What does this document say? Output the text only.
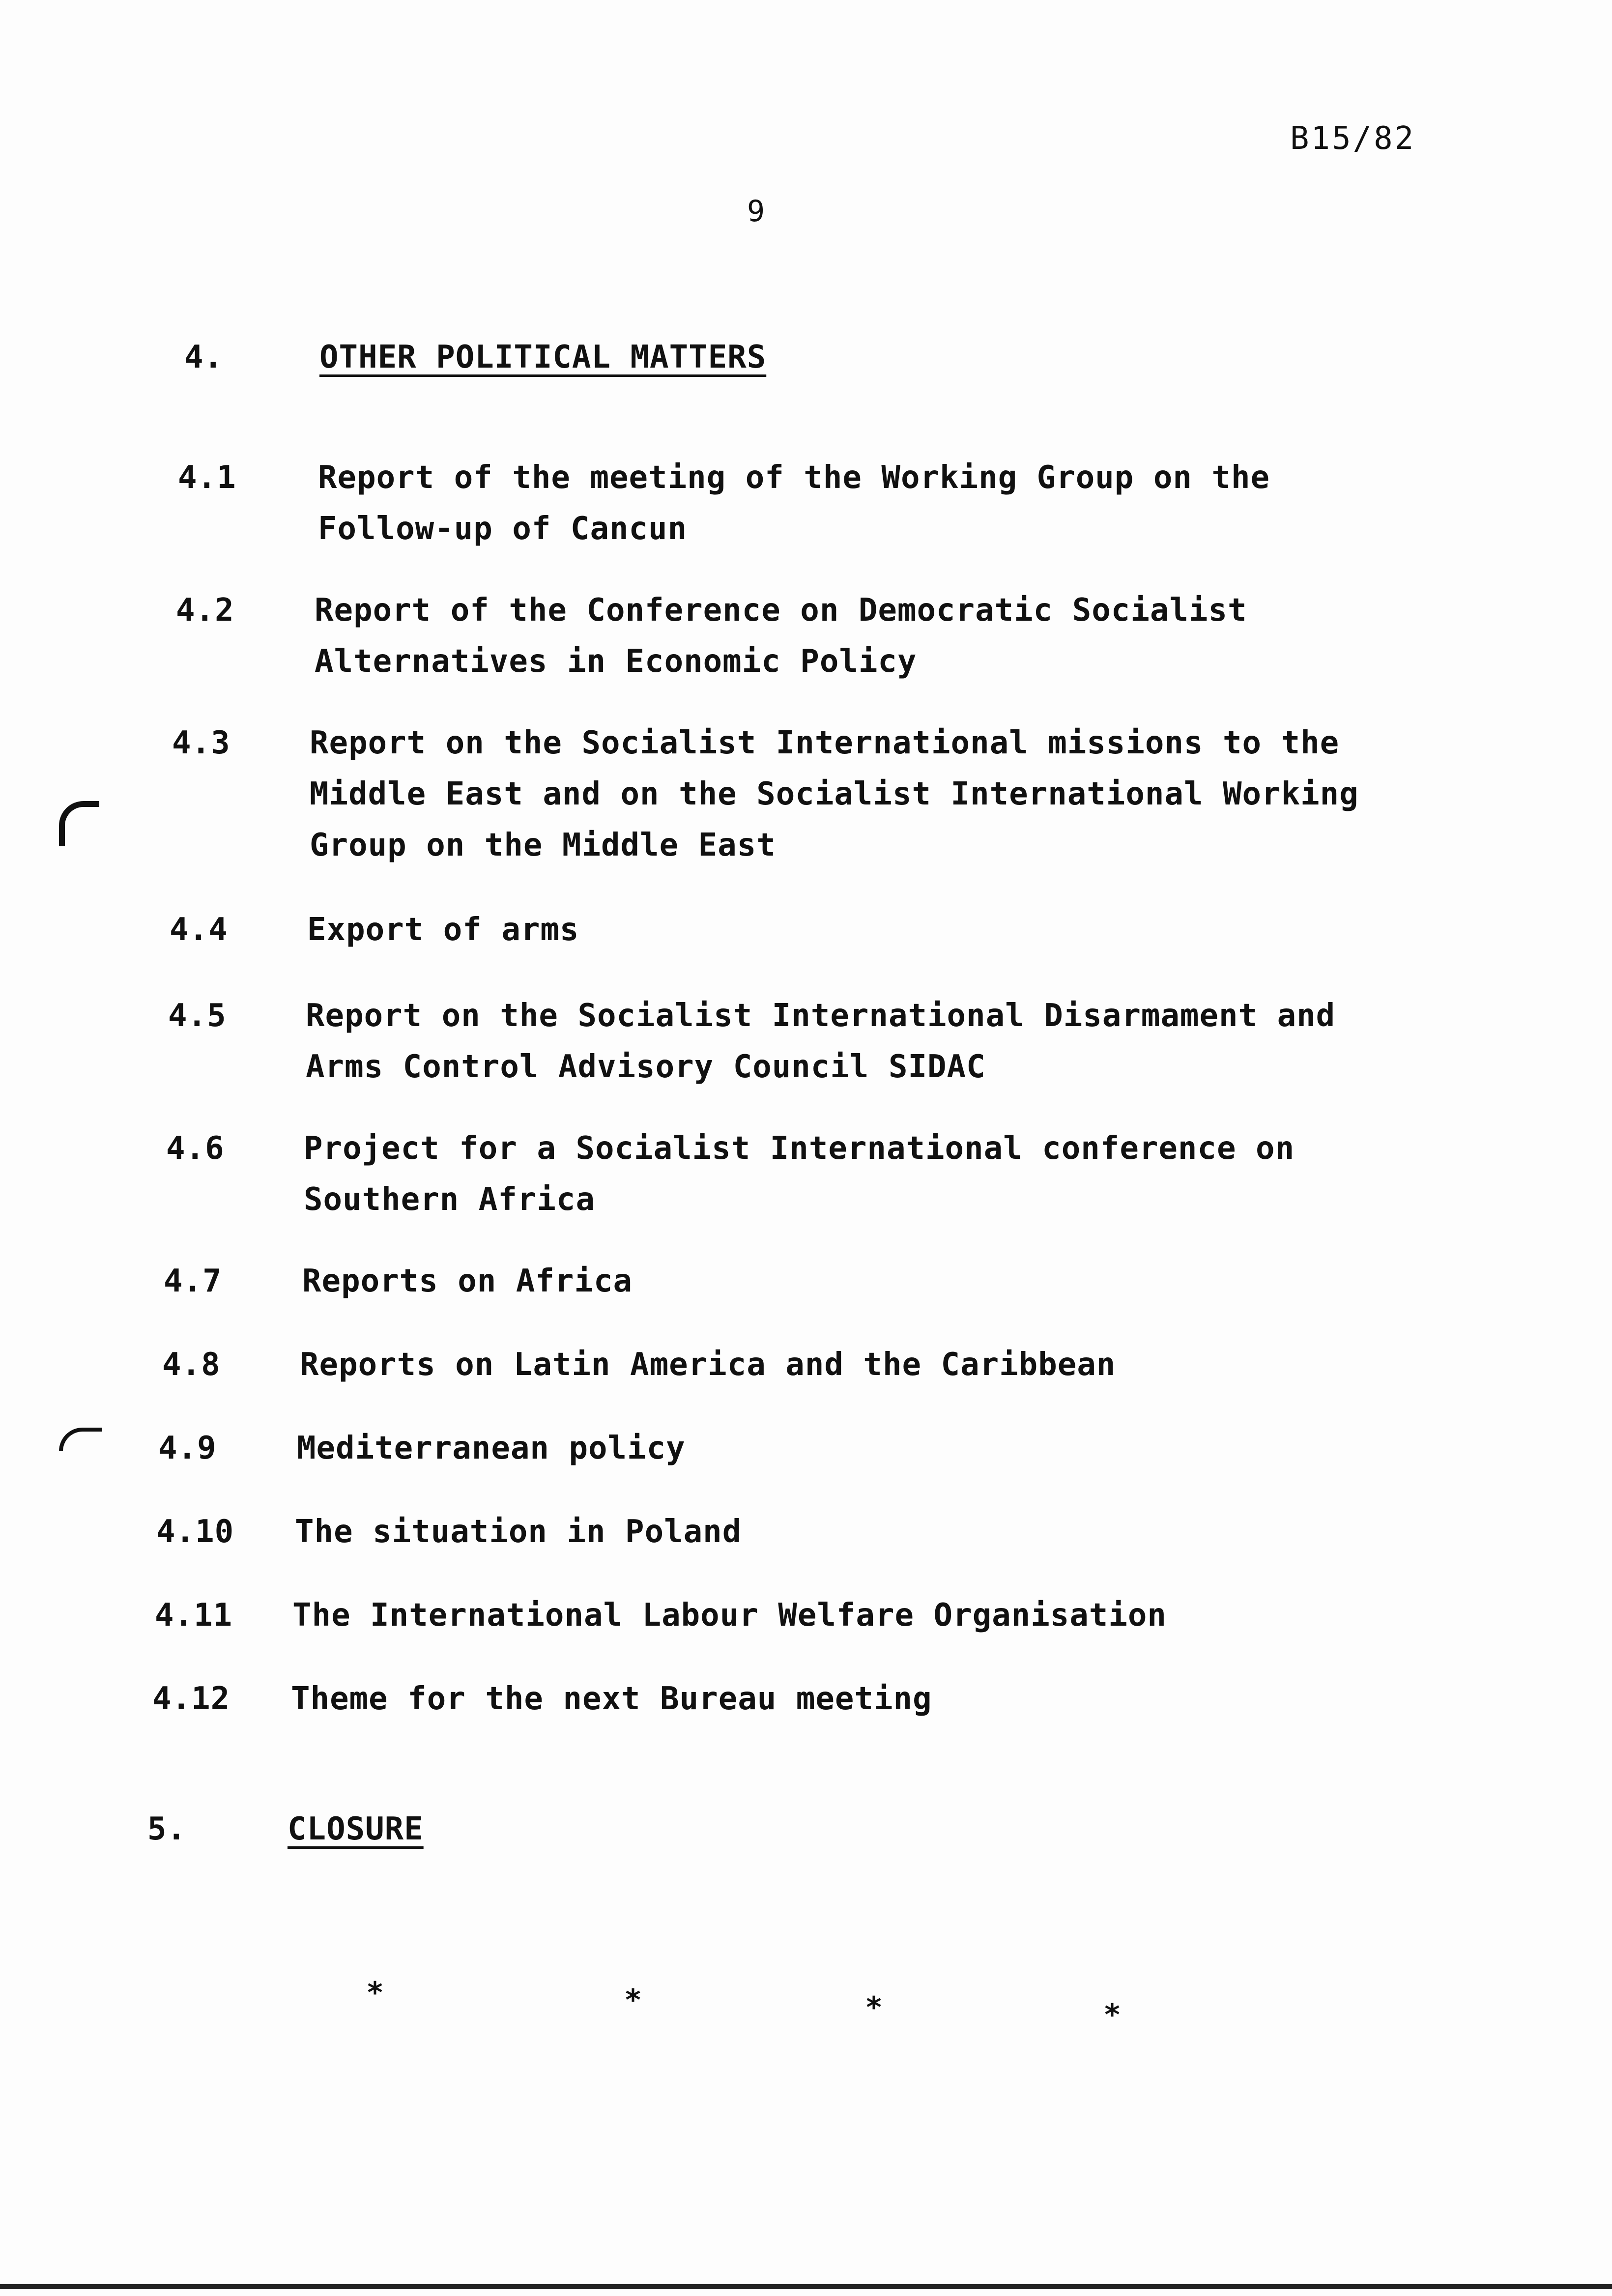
B15/82
9
4.	OTHER POLITICAL MATTERS
4.1	Report of the meeting of the Working Group on the
Follow-up of Cancun
4.2	Report of the Conference on Democratic Socialist
Alternatives in Economic Policy
4.3	Report on the Socialist International missions to the
Middle East and on the Socialist International Working
Group on the Middle East
4.4	Export of arms
4.5	Report on the Socialist International Disarmament and
Arms Control Advisory Council SIDAC
4.6	Project for a Socialist International conference on
Southern Africa
4.7	Reports on Africa
4.8	Reports on Latin America and the Caribbean
4.9	Mediterranean policy
4.10 The situation in Poland
4.11 The International Labour Welfare Organisation
4.12 Theme for the next Bureau meeting
5.	CLOSURE
*	*	*	*
